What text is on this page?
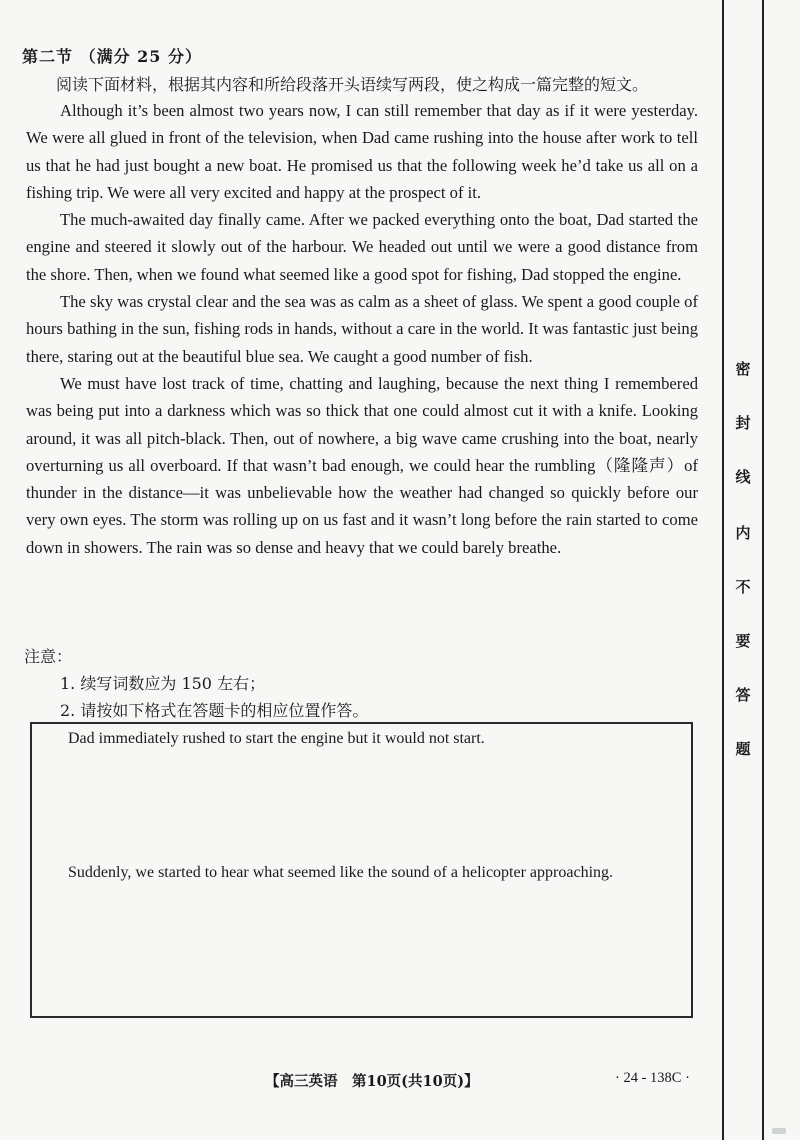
第二节 （满分 25 分）
阅读下面材料，根据其内容和所给段落开头语续写两段，使之构成一篇完整的短文。

Although it’s been almost two years now, I can still remember that day as if it were yesterday. We were all glued in front of the television, when Dad came rushing into the house after work to tell us that he had just bought a new boat. He promised us that the following week he’d take us all on a fishing trip. We were all very excited and happy at the prospect of it.

The much-awaited day finally came. After we packed everything onto the boat, Dad started the engine and steered it slowly out of the harbour. We headed out until we were a good distance from the shore. Then, when we found what seemed like a good spot for fishing, Dad stopped the engine.

The sky was crystal clear and the sea was as calm as a sheet of glass. We spent a good couple of hours bathing in the sun, fishing rods in hands, without a care in the world. It was fantastic just being there, staring out at the beautiful blue sea. We caught a good number of fish.

We must have lost track of time, chatting and laughing, because the next thing I remembered was being put into a darkness which was so thick that one could almost cut it with a knife. Looking around, it was all pitch-black. Then, out of nowhere, a big wave came crushing into the boat, nearly overturning us all overboard. If that wasn’t bad enough, we could hear the rumbling（隆隆声）of thunder in the distance—it was unbelievable how the weather had changed so quickly before our very own eyes. The storm was rolling up on us fast and it wasn’t long before the rain started to come down in showers. The rain was so dense and heavy that we could barely breathe.

注意：
1. 续写词数应为 150 左右；
2. 请按如下格式在答题卡的相应位置作答。
Dad immediately rushed to start the engine but it would not start.
Suddenly, we started to hear what seemed like the sound of a helicopter approaching.
密
封
线
内
不
要
答
题
【高三英语　第10页(共10页)】	· 24 - 138C ·
